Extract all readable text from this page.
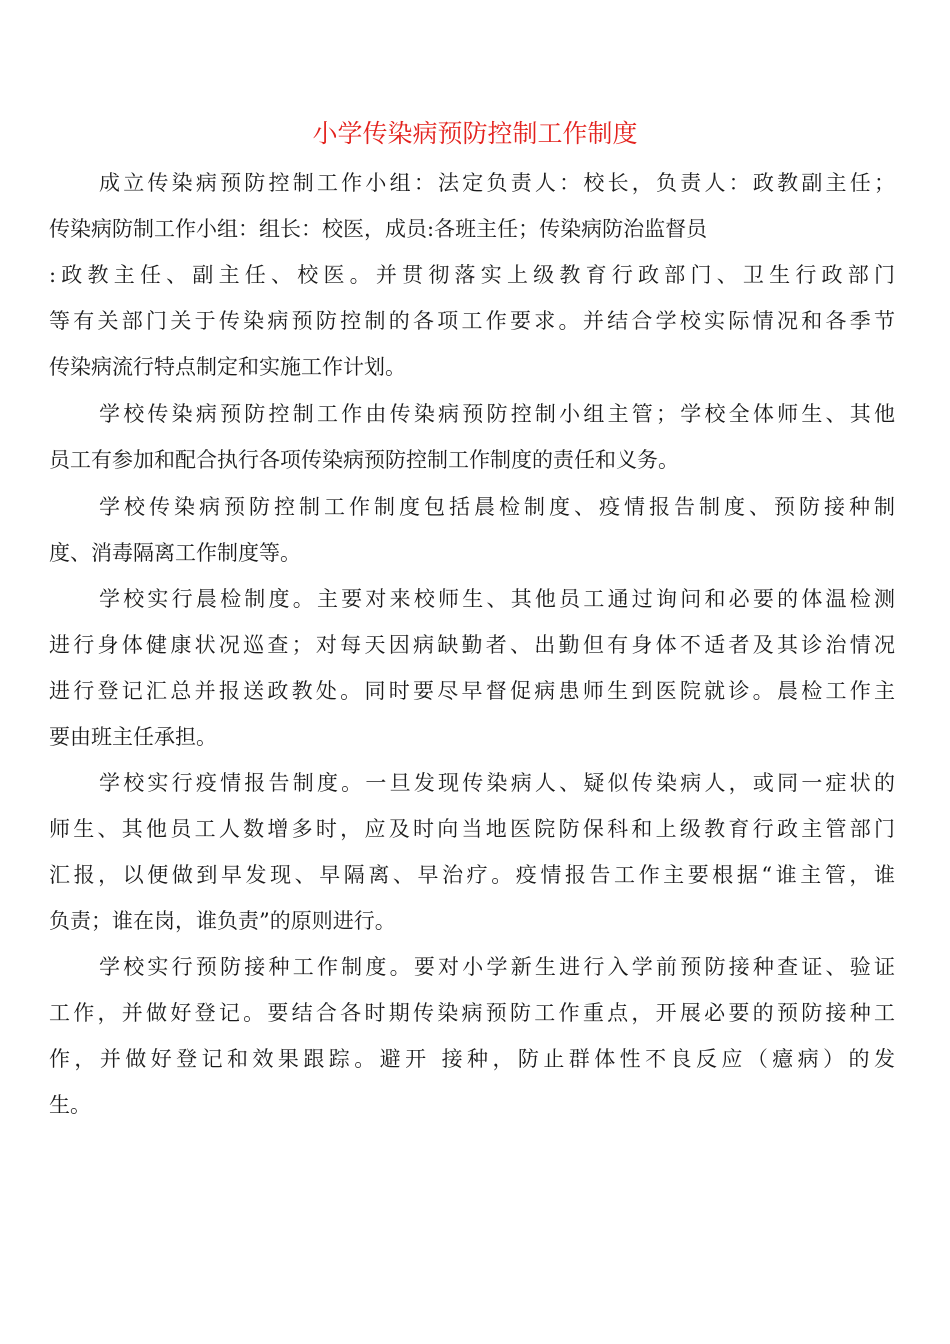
小学传染病预防控制工作制度
成立传染病预防控制工作小组：法定负责人：校长，负责人：政教副主任；
传染病防制工作小组：组长：校医，成员:各班主任；传染病防治监督员
:政教主任、副主任、校医。并贯彻落实上级教育行政部门、卫生行政部门
等有关部门关于传染病预防控制的各项工作要求。并结合学校实际情况和各季节
传染病流行特点制定和实施工作计划。
学校传染病预防控制工作由传染病预防控制小组主管；学校全体师生、其他
员工有参加和配合执行各项传染病预防控制工作制度的责任和义务。
学校传染病预防控制工作制度包括晨检制度、疫情报告制度、预防接种制
度、消毒隔离工作制度等。
学校实行晨检制度。主要对来校师生、其他员工通过询问和必要的体温检测
进行身体健康状况巡查；对每天因病缺勤者、出勤但有身体不适者及其诊治情况
进行登记汇总并报送政教处。同时要尽早督促病患师生到医院就诊。晨检工作主
要由班主任承担。
学校实行疫情报告制度。一旦发现传染病人、疑似传染病人，或同一症状的
师生、其他员工人数增多时，应及时向当地医院防保科和上级教育行政主管部门
汇报，以便做到早发现、早隔离、早治疗。疫情报告工作主要根据“谁主管，谁
负责；谁在岗，谁负责”的原则进行。
学校实行预防接种工作制度。要对小学新生进行入学前预防接种查证、验证
工作，并做好登记。要结合各时期传染病预防工作重点，开展必要的预防接种工
作，并做好登记和效果跟踪。避开 接种，防止群体性不良反应（癔病）的发
生。
